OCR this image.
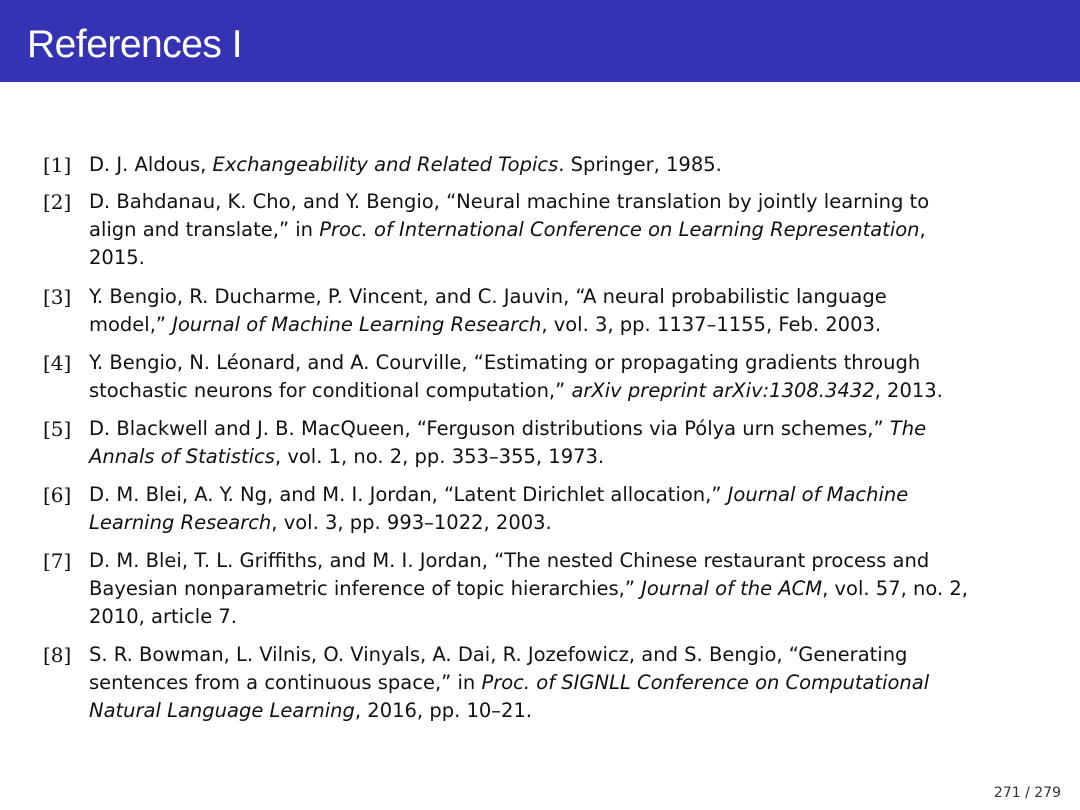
References I
[1] D. J. Aldous, Exchangeability and Related Topics. Springer, 1985.
[2] D. Bahdanau, K. Cho, and Y. Bengio, “Neural machine translation by jointly learning to
align and translate,” in Proc. of International Conference on Learning Representation,
2015.
[3] Y. Bengio, R. Ducharme, P. Vincent, and C. Jauvin, “A neural probabilistic language
model,” Journal of Machine Learning Research, vol. 3, pp. 1137–1155, Feb. 2003.
[4] Y. Bengio, N. Léonard, and A. Courville, “Estimating or propagating gradients through
stochastic neurons for conditional computation,” arXiv preprint arXiv:1308.3432, 2013.
[5] D. Blackwell and J. B. MacQueen, “Ferguson distributions via Pólya urn schemes,” The
Annals of Statistics, vol. 1, no. 2, pp. 353–355, 1973.
[6] D. M. Blei, A. Y. Ng, and M. I. Jordan, “Latent Dirichlet allocation,” Journal of Machine
Learning Research, vol. 3, pp. 993–1022, 2003.
[7] D. M. Blei, T. L. Griffiths, and M. I. Jordan, “The nested Chinese restaurant process and
Bayesian nonparametric inference of topic hierarchies,” Journal of the ACM, vol. 57, no. 2,
2010, article 7.
[8] S. R. Bowman, L. Vilnis, O. Vinyals, A. Dai, R. Jozefowicz, and S. Bengio, “Generating
sentences from a continuous space,” in Proc. of SIGNLL Conference on Computational
Natural Language Learning, 2016, pp. 10–21.
271 / 279
